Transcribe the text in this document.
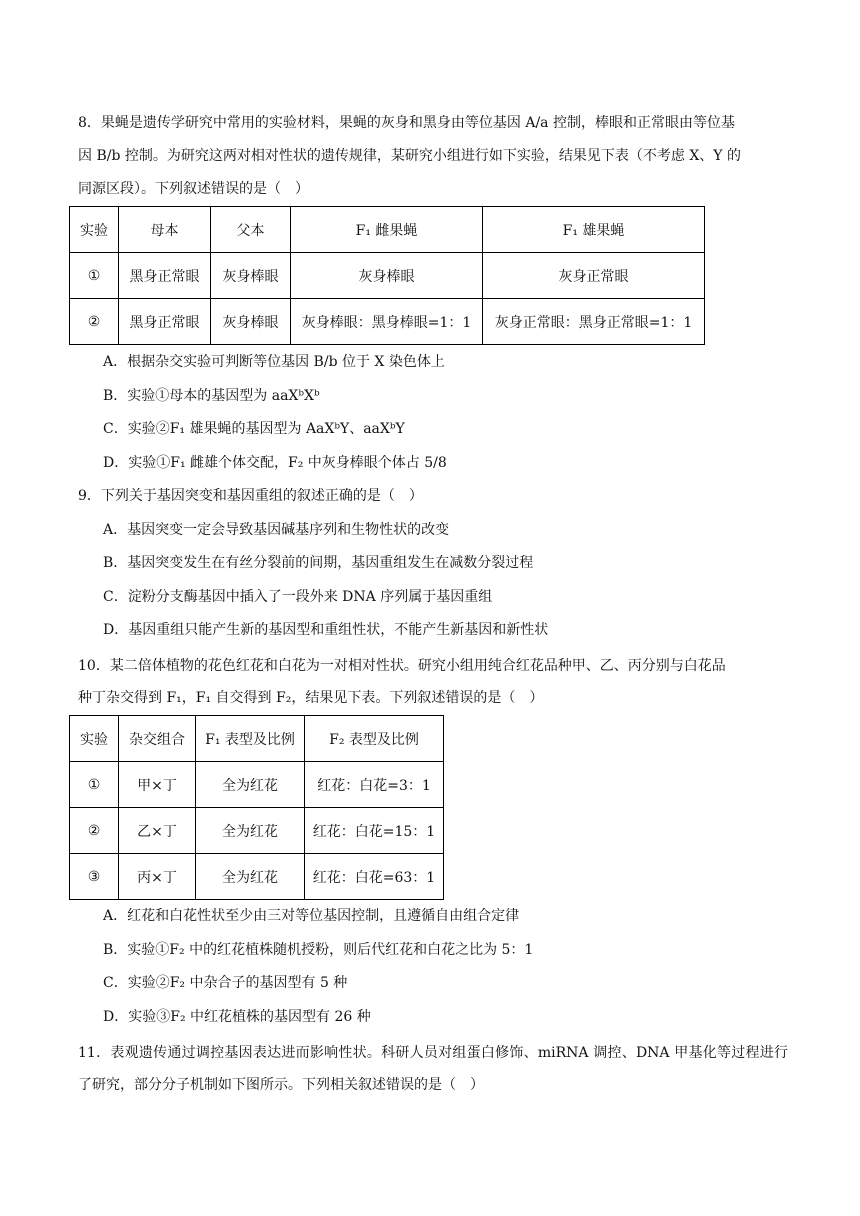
8．果蝇是遗传学研究中常用的实验材料，果蝇的灰身和黑身由等位基因 A/a 控制，棒眼和正常眼由等位基
因 B/b 控制。为研究这两对相对性状的遗传规律，某研究小组进行如下实验，结果见下表（不考虑 X、Y 的
同源区段）。下列叙述错误的是（　）
实验	母本	父本	F₁ 雌果蝇	F₁ 雄果蝇
①	黑身正常眼	灰身棒眼	灰身棒眼	灰身正常眼
②	黑身正常眼	灰身棒眼	灰身棒眼：黑身棒眼=1：1	灰身正常眼：黑身正常眼=1：1
A．根据杂交实验可判断等位基因 B/b 位于 X 染色体上
B．实验①母本的基因型为 aaXᵇXᵇ
C．实验②F₁ 雄果蝇的基因型为 AaXᵇY、aaXᵇY
D．实验①F₁ 雌雄个体交配，F₂ 中灰身棒眼个体占 5/8
9．下列关于基因突变和基因重组的叙述正确的是（　）
A．基因突变一定会导致基因碱基序列和生物性状的改变
B．基因突变发生在有丝分裂前的间期，基因重组发生在减数分裂过程
C．淀粉分支酶基因中插入了一段外来 DNA 序列属于基因重组
D．基因重组只能产生新的基因型和重组性状，不能产生新基因和新性状
10．某二倍体植物的花色红花和白花为一对相对性状。研究小组用纯合红花品种甲、乙、丙分别与白花品
种丁杂交得到 F₁，F₁ 自交得到 F₂，结果见下表。下列叙述错误的是（　）
实验	杂交组合	F₁ 表型及比例	F₂ 表型及比例
①	甲×丁	全为红花	红花：白花=3：1
②	乙×丁	全为红花	红花：白花=15：1
③	丙×丁	全为红花	红花：白花=63：1
A．红花和白花性状至少由三对等位基因控制，且遵循自由组合定律
B．实验①F₂ 中的红花植株随机授粉，则后代红花和白花之比为 5：1
C．实验②F₂ 中杂合子的基因型有 5 种
D．实验③F₂ 中红花植株的基因型有 26 种
11．表观遗传通过调控基因表达进而影响性状。科研人员对组蛋白修饰、miRNA 调控、DNA 甲基化等过程进行了研究，部分分子机制如下图所示。下列相关叙述错误的是（　）
